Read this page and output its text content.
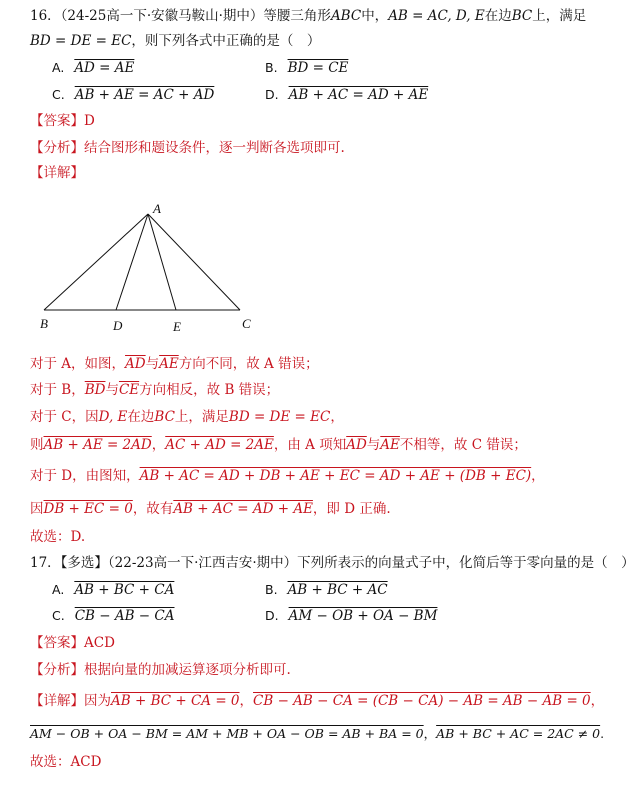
16．（24-25高一下·安徽马鞍山·期中）等腰三角形ABC中，AB = AC, D, E在边BC上，满足
BD = DE = EC，则下列各式中正确的是（　）
A. AD = AE	B. BD = CE
C. AB + AE = AC + AD	D. AB + AC = AD + AE
【答案】D
【分析】结合图形和题设条件，逐一判断各选项即可.
【详解】
A
B	D	E	C
对于 A，如图，$\overline{AD}$与$\overline{AE}$方向不同，故 A 错误；
对于 B，$\overline{BD}$与$\overline{CE}$方向相反，故 B 错误；
对于 C，因D, E在边BC上，满足BD = DE = EC，
则AB + AE = 2AD，AC + AD = 2AE，由 A 项知$\overline{AD}$与$\overline{AE}$不相等，故 C 错误；
对于 D，由图知，AB + AC = AD + DB + AE + EC = AD + AE + (DB + EC)，
因DB + EC = 0，故有AB + AC = AD + AE，即 D 正确.
故选：D.
17．【多选】（22-23高一下·江西吉安·期中）下列所表示的向量式子中，化简后等于零向量的是（　）
A. AB + BC + CA	B. AB + BC + AC
C. CB − AB − CA	D. AM − OB + OA − BM
【答案】ACD
【分析】根据向量的加减运算逐项分析即可.
【详解】因为AB + BC + CA = 0，CB − AB − CA = (CB − CA) − AB = AB − AB = 0，
AM − OB + OA − BM = AM + MB + OA − OB = AB + BA = 0，AB + BC + AC = 2AC ≠ 0.
故选：ACD
